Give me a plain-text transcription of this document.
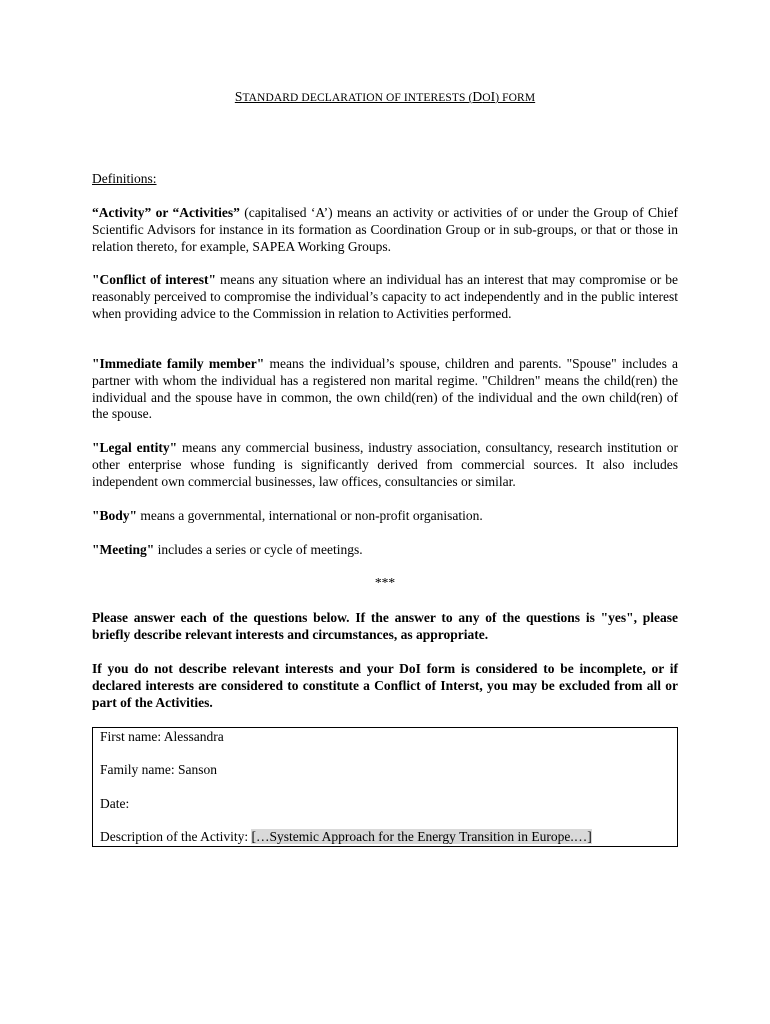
STANDARD DECLARATION OF INTERESTS (DOI) FORM
Definitions:
“Activity” or “Activities” (capitalised ‘A’) means an activity or activities of or under the Group of Chief Scientific Advisors for instance in its formation as Coordination Group or in sub-groups, or that or those in relation thereto, for example, SAPEA Working Groups.
"Conflict of interest" means any situation where an individual has an interest that may compromise or be reasonably perceived to compromise the individual’s capacity to act independently and in the public interest when providing advice to the Commission in relation to Activities performed.
"Immediate family member" means the individual’s spouse, children and parents. "Spouse" includes a partner with whom the individual has a registered non marital regime. "Children" means the child(ren) the individual and the spouse have in common, the own child(ren) of the individual and the own child(ren) of the spouse.
"Legal entity" means any commercial business, industry association, consultancy, research institution or other enterprise whose funding is significantly derived from commercial sources. It also includes independent own commercial businesses, law offices, consultancies or similar.
"Body" means a governmental, international or non-profit organisation.
"Meeting" includes a series or cycle of meetings.
***
Please answer each of the questions below. If the answer to any of the questions is "yes", please briefly describe relevant interests and circumstances, as appropriate.
If you do not describe relevant interests and your DoI form is considered to be incomplete, or if declared interests are considered to constitute a Conflict of Interst, you may be excluded from all or part of the Activities.
First name: Alessandra
Family name: Sanson
Date:
Description of the Activity: […Systemic Approach for the Energy Transition in Europe.…]
